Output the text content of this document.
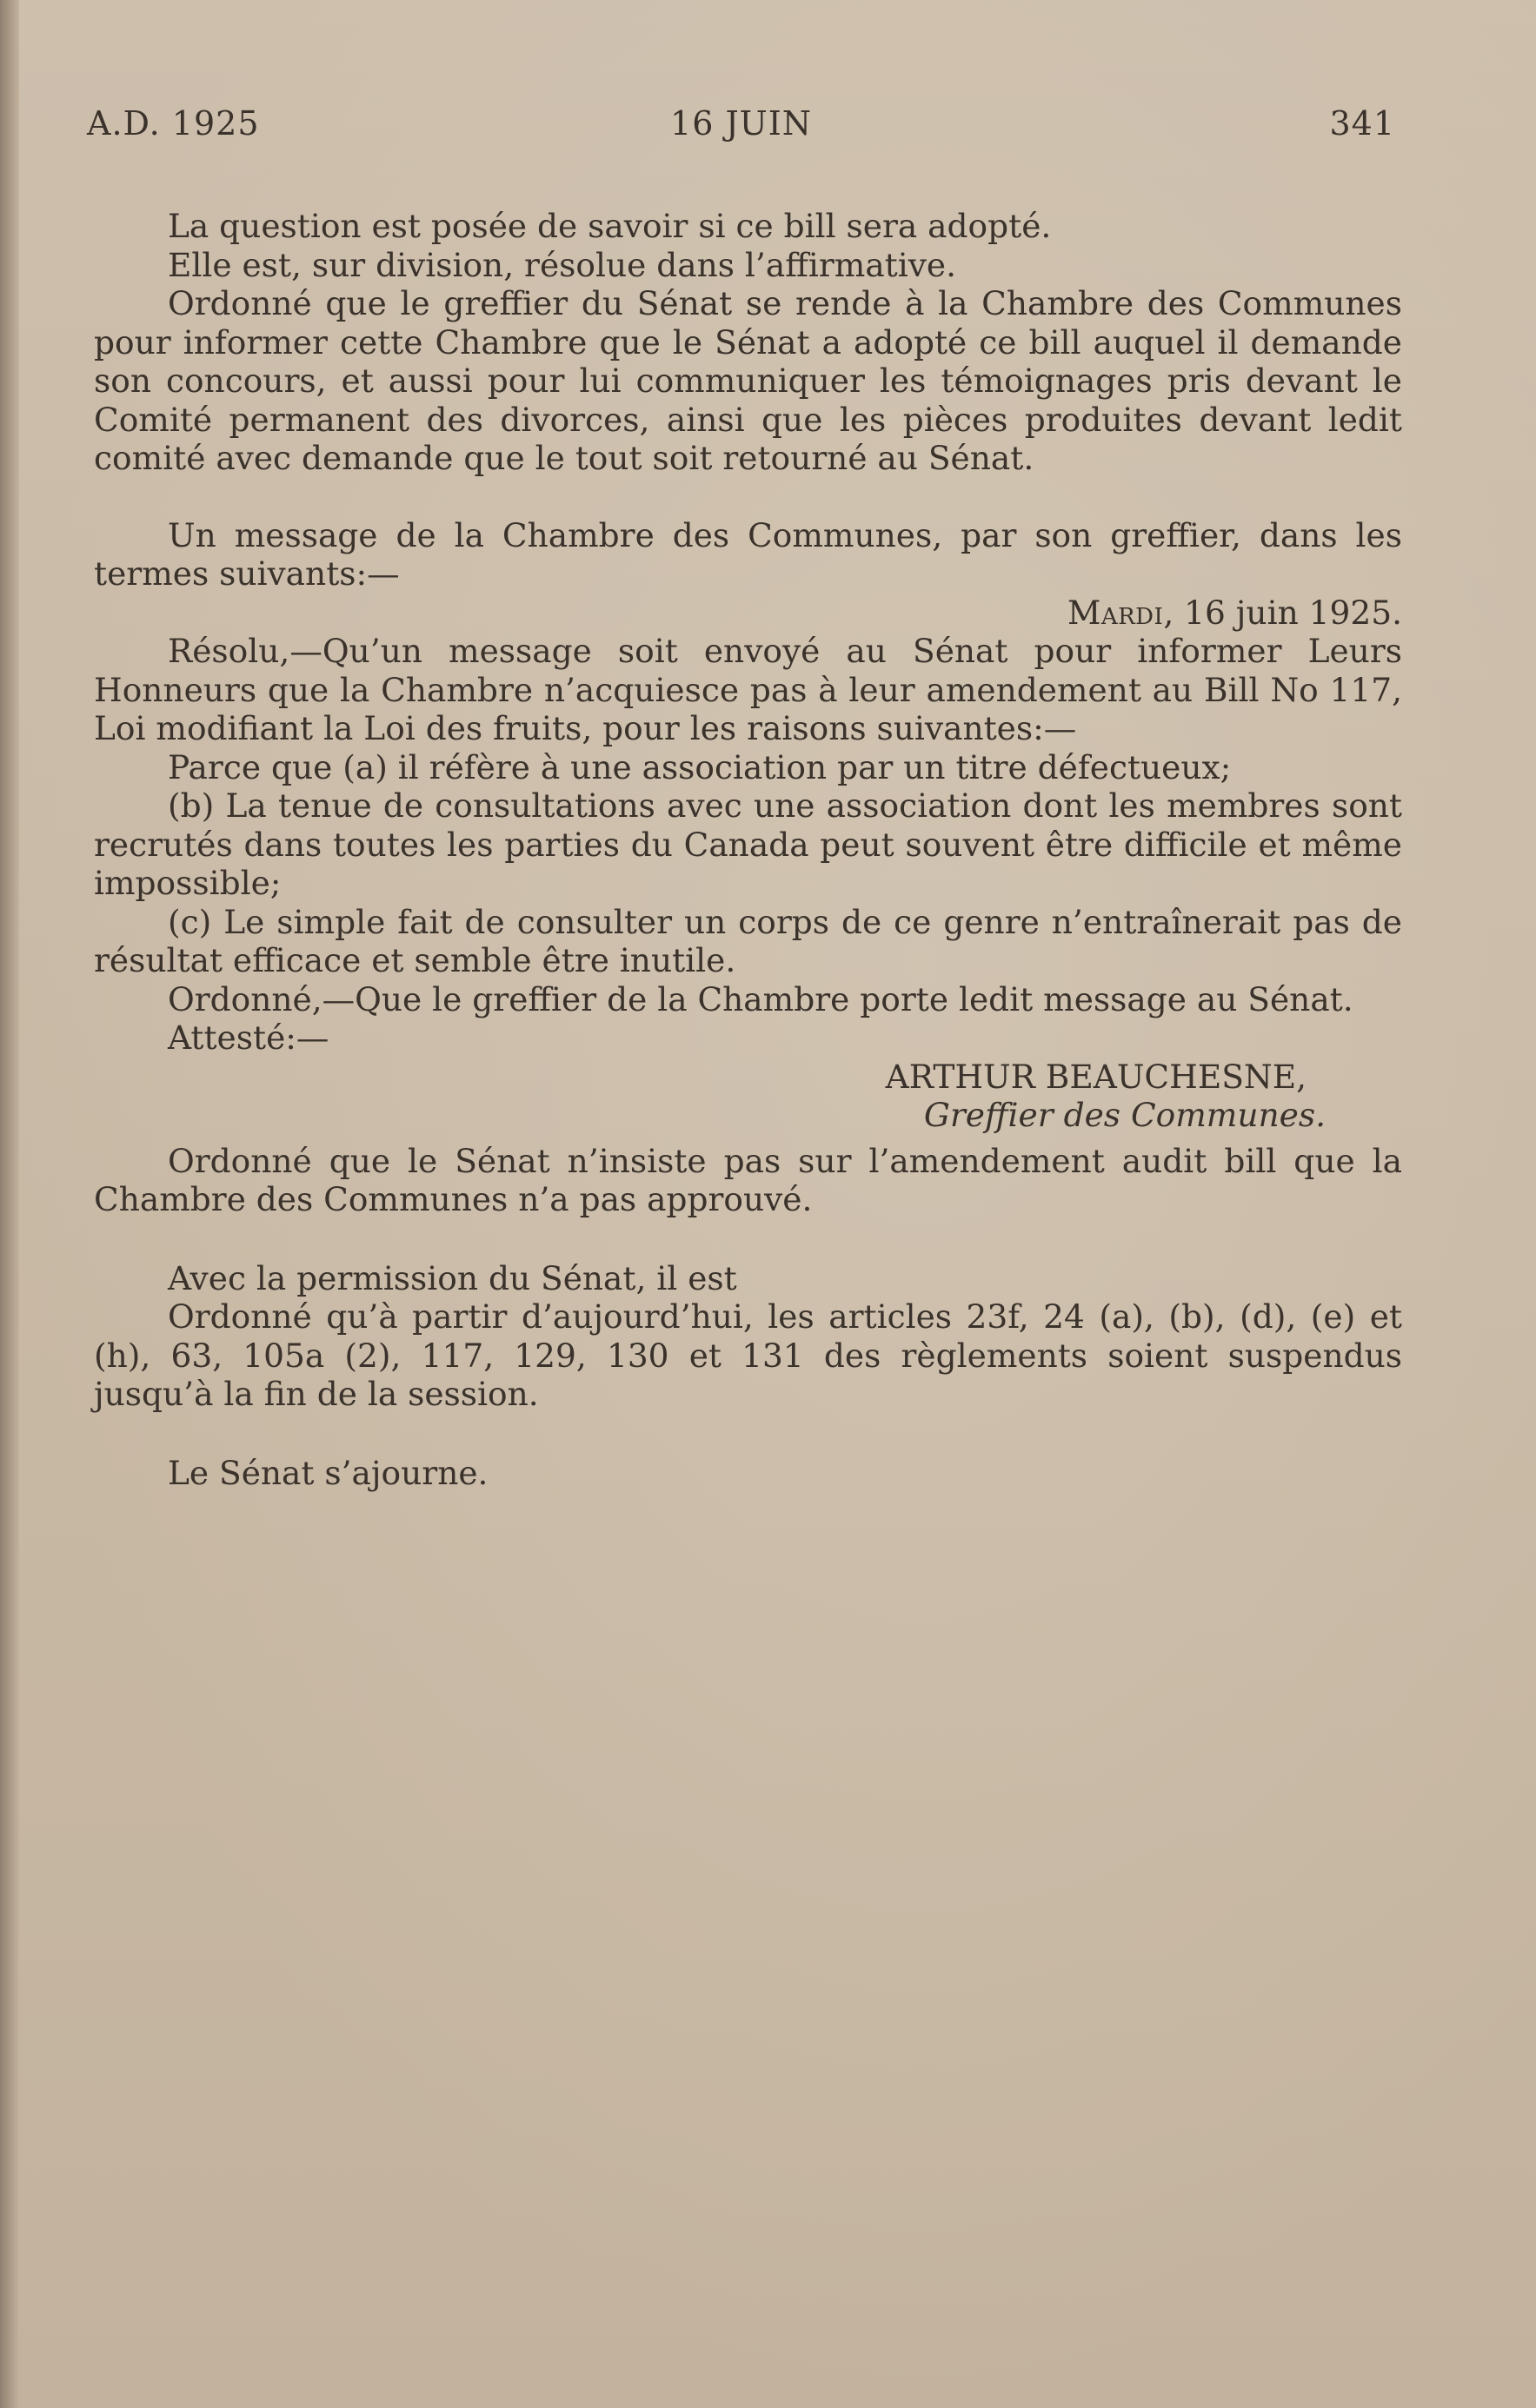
A.D. 1925	16 JUIN	341

La question est posée de savoir si ce bill sera adopté.

Elle est, sur division, résolue dans l’affirmative.

Ordonné que le greffier du Sénat se rende à la Chambre des Communes pour informer cette Chambre que le Sénat a adopté ce bill auquel il demande son concours, et aussi pour lui communiquer les témoignages pris devant le Comité permanent des divorces, ainsi que les pièces produites devant ledit comité avec demande que le tout soit retourné au Sénat.

Un message de la Chambre des Communes, par son greffier, dans les termes suivants:—

Mardi, 16 juin 1925.

Résolu,—Qu’un message soit envoyé au Sénat pour informer Leurs Honneurs que la Chambre n’acquiesce pas à leur amendement au Bill No 117, Loi modifiant la Loi des fruits, pour les raisons suivantes:—

Parce que (a) il réfère à une association par un titre défectueux;

(b) La tenue de consultations avec une association dont les membres sont recrutés dans toutes les parties du Canada peut souvent être difficile et même impossible;

(c) Le simple fait de consulter un corps de ce genre n’entraînerait pas de résultat efficace et semble être inutile.

Ordonné,—Que le greffier de la Chambre porte ledit message au Sénat.

Attesté:—

ARTHUR BEAUCHESNE,

Greffier des Communes.

Ordonné que le Sénat n’insiste pas sur l’amendement audit bill que la Chambre des Communes n’a pas approuvé.

Avec la permission du Sénat, il est

Ordonné qu’à partir d’aujourd’hui, les articles 23f, 24 (a), (b), (d), (e) et (h), 63, 105a (2), 117, 129, 130 et 131 des règlements soient suspendus jusqu’à la fin de la session.

Le Sénat s’ajourne.
